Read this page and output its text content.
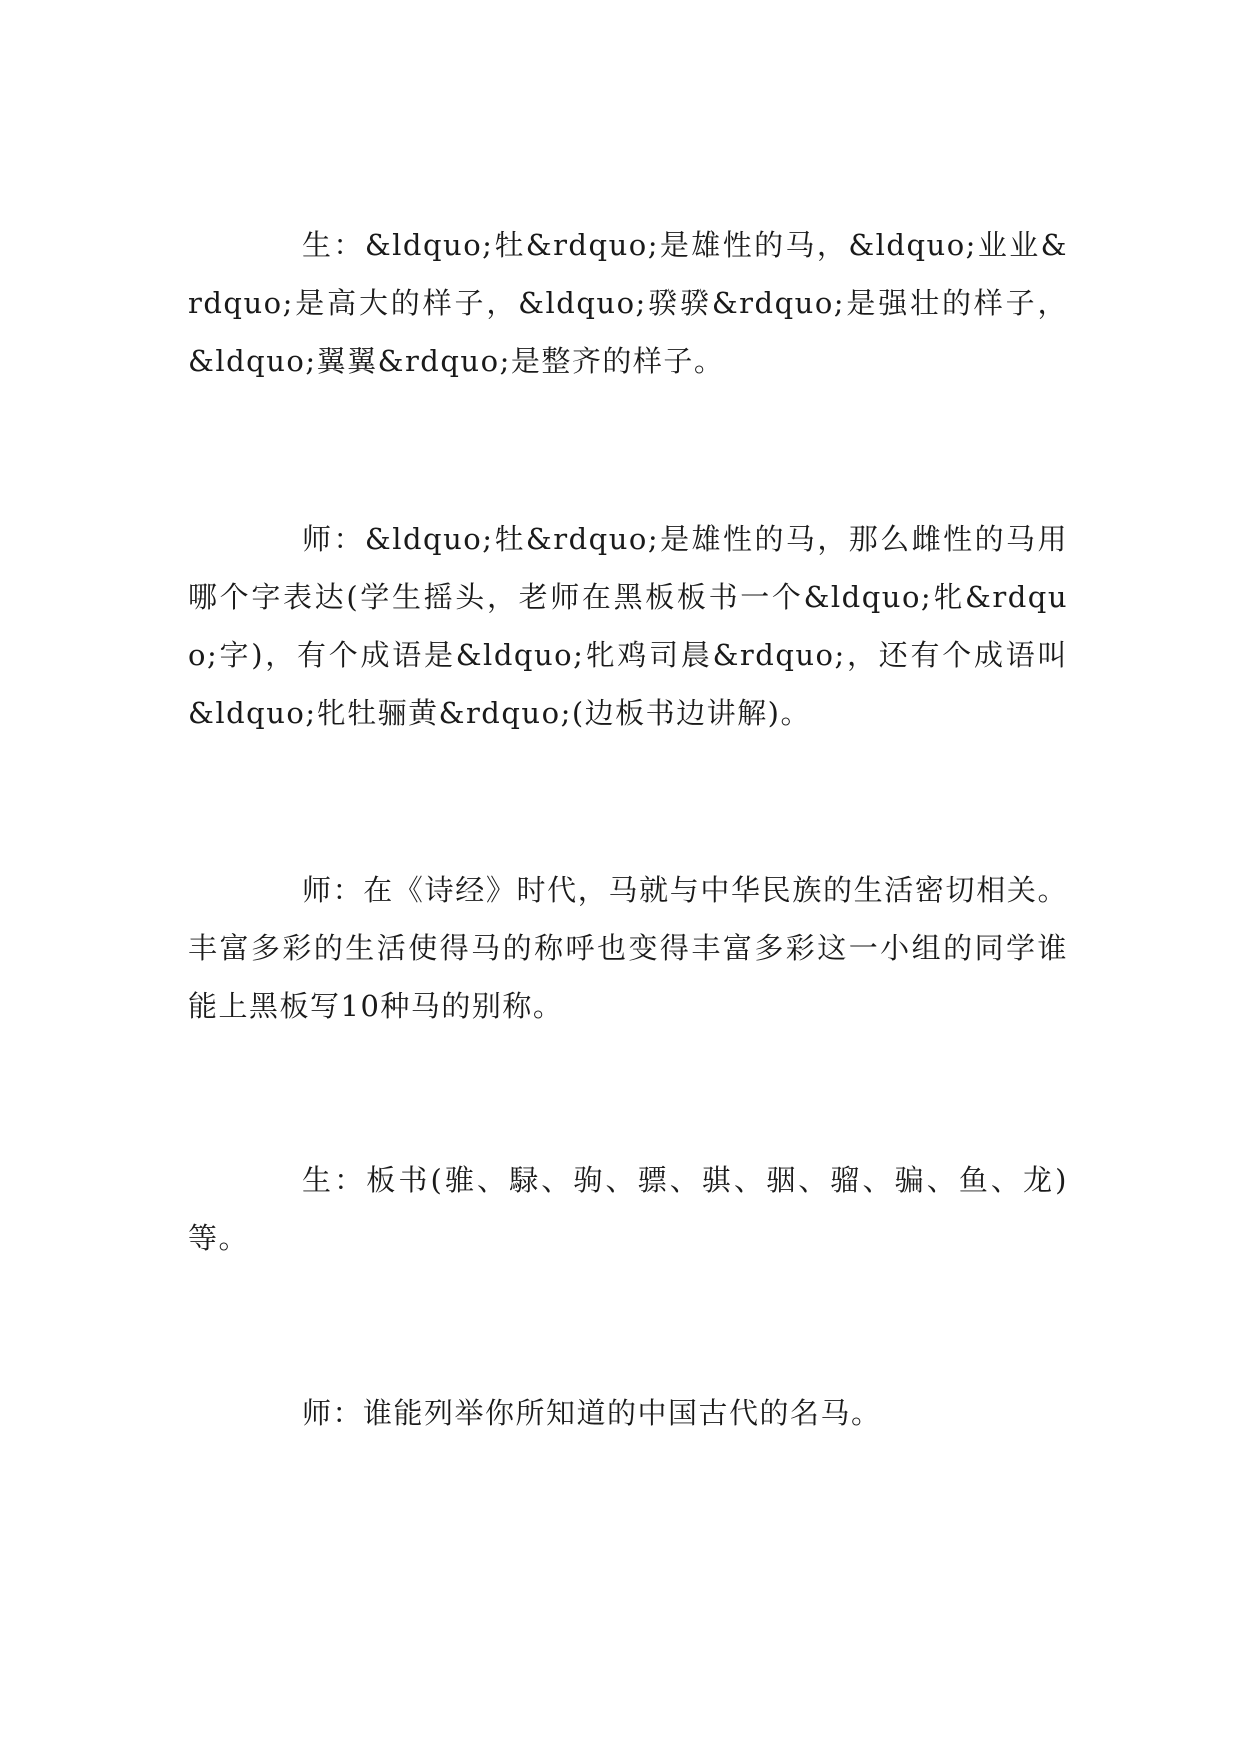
生：&ldquo;牡&rdquo;是雄性的马，&ldquo;业业&rdquo;是高大的样子，&ldquo;骙骙&rdquo;是强壮的样子，&ldquo;翼翼&rdquo;是整齐的样子。

师：&ldquo;牡&rdquo;是雄性的马，那么雌性的马用哪个字表达(学生摇头，老师在黑板板书一个&ldquo;牝&rdquo;字)，有个成语是&ldquo;牝鸡司晨&rdquo;，还有个成语叫&ldquo;牝牡骊黄&rdquo;(边板书边讲解)。

师：在《诗经》时代，马就与中华民族的生活密切相关。丰富多彩的生活使得马的称呼也变得丰富多彩这一小组的同学谁能上黑板写10种马的别称。

生：板书(骓、騄、驹、骠、骐、骃、骝、骗、鱼、龙)等。

师：谁能列举你所知道的中国古代的名马。
